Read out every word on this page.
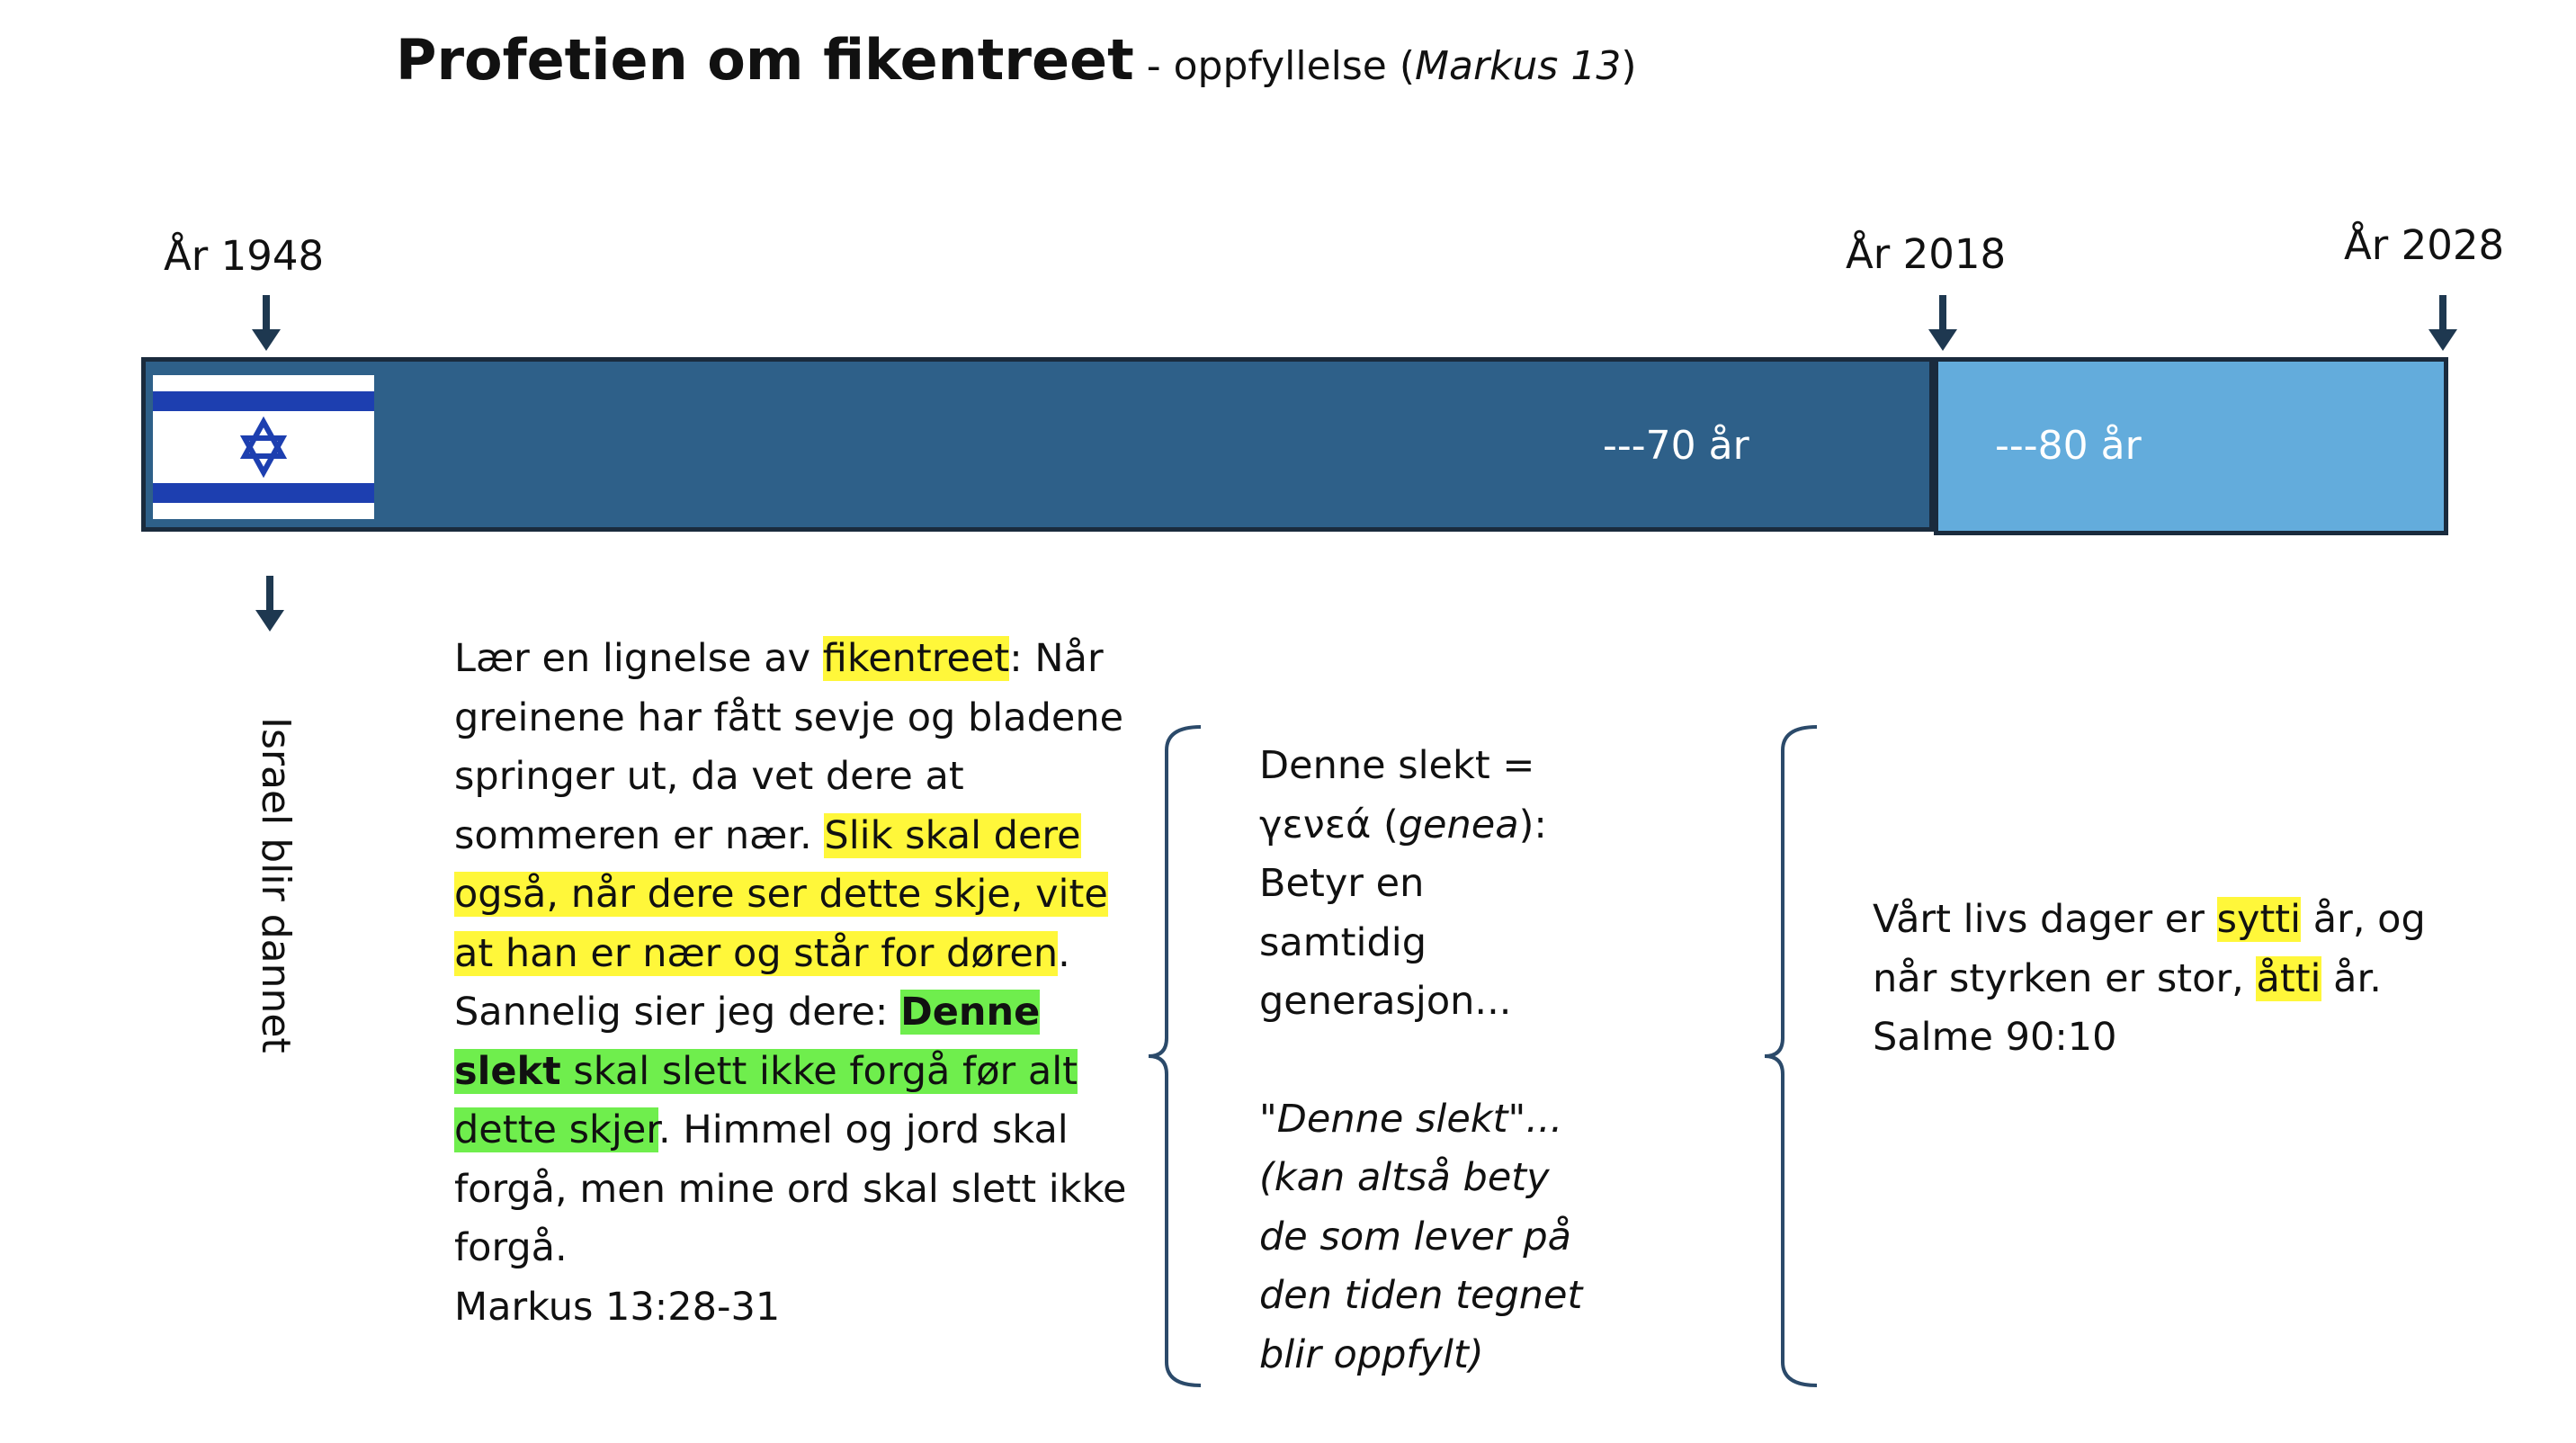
Profetien om fikentreet - oppfyllelse (Markus 13)
År 1948	År 2018	År 2028
---70 år	---80 år
Israel blir dannet
Lær en lignelse av fikentreet: Når greinene har fått sevje og bladene springer ut, da vet dere at sommeren er nær. Slik skal dere også, når dere ser dette skje, vite at han er nær og står for døren. Sannelig sier jeg dere: Denne slekt skal slett ikke forgå før alt dette skjer. Himmel og jord skal forgå, men mine ord skal slett ikke forgå.
Markus 13:28-31
Denne slekt =
γενεά (genea):
Betyr en
samtidig
generasjon...
"Denne slekt"...
(kan altså bety
de som lever på
den tiden tegnet
blir oppfylt)
Vårt livs dager er sytti år, og
når styrken er stor, åtti år.
Salme 90:10
